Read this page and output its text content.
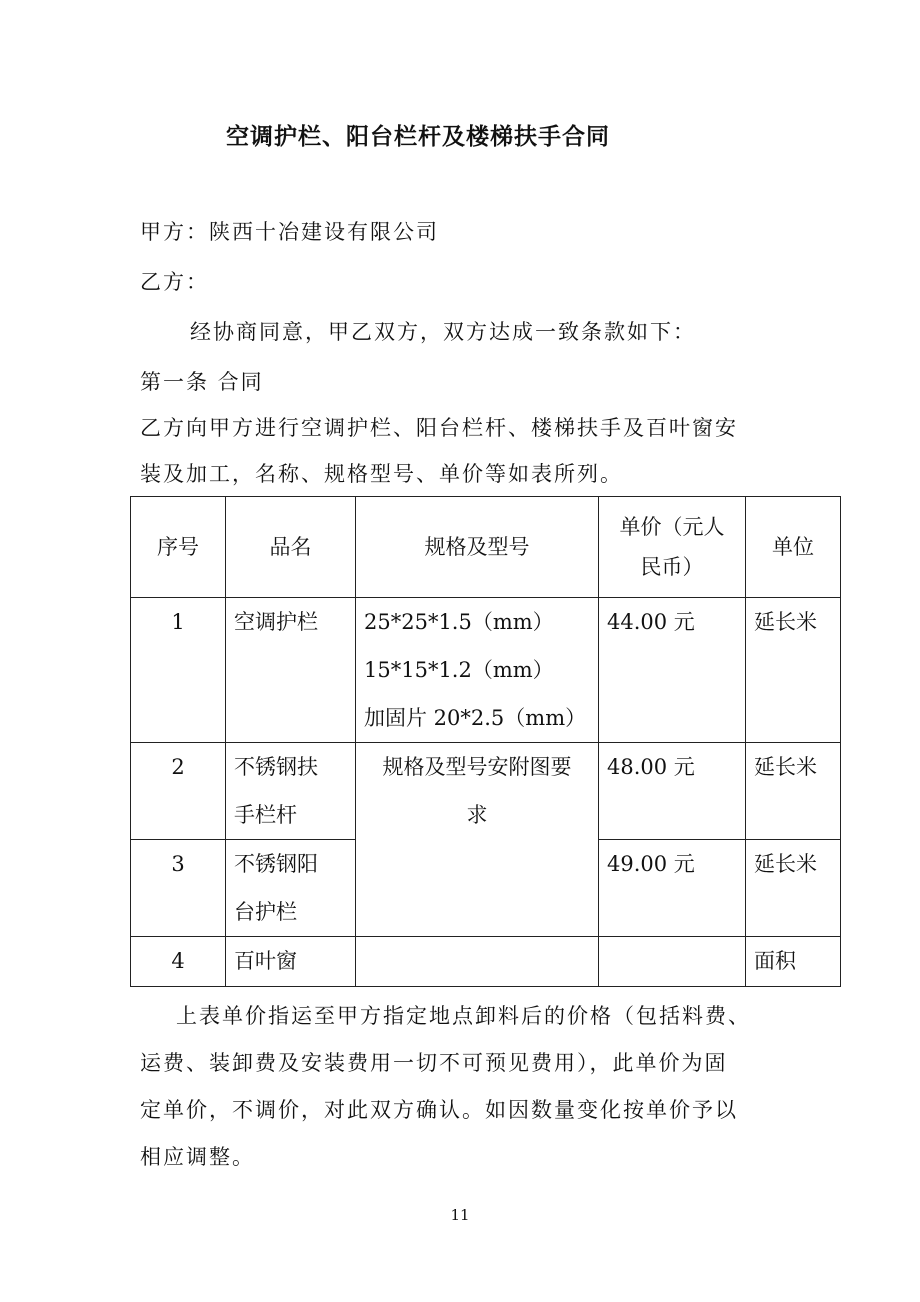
空调护栏、阳台栏杆及楼梯扶手合同
甲方：陕西十冶建设有限公司
乙方：
经协商同意，甲乙双方，双方达成一致条款如下：
第一条 合同
乙方向甲方进行空调护栏、阳台栏杆、楼梯扶手及百叶窗安
装及加工，名称、规格型号、单价等如表所列。
序号	品名	规格及型号	单价（元人
民币）	单位
1	空调护栏	25*25*1.5（mm）
15*15*1.2（mm）
加固片 20*2.5（mm）	44.00 元	延长米
2	不锈钢扶
手栏杆	规格及型号安附图要
求	48.00 元	延长米
3	不锈钢阳
台护栏		49.00 元	延长米
4	百叶窗			面积
上表单价指运至甲方指定地点卸料后的价格（包括料费、
运费、装卸费及安装费用一切不可预见费用），此单价为固
定单价，不调价，对此双方确认。如因数量变化按单价予以
相应调整。
11
